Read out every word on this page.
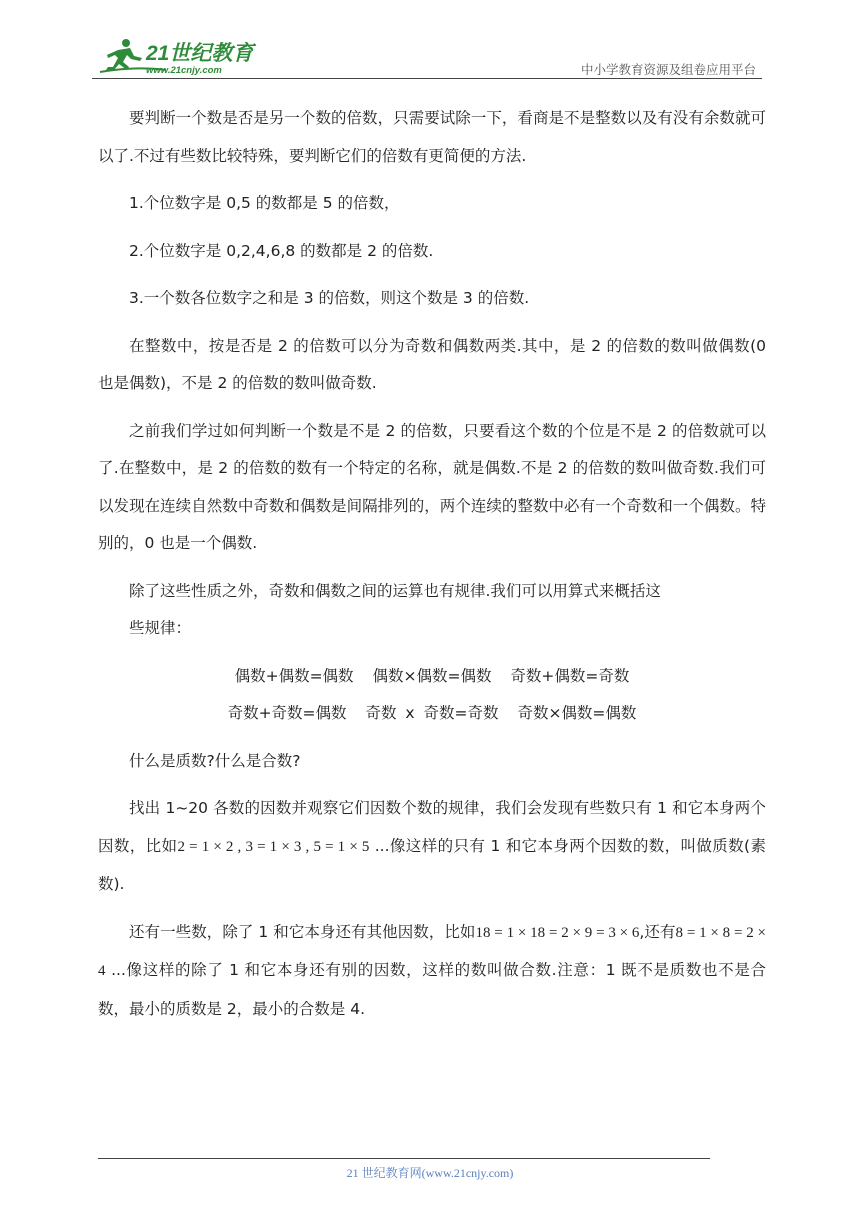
21世纪教育
www.21cnjy.com	中小学教育资源及组卷应用平台

要判断一个数是否是另一个数的倍数，只需要试除一下，看商是不是整数以及有没有余数就可以了.不过有些数比较特殊，要判断它们的倍数有更简便的方法.

1.个位数字是 0,5 的数都是 5 的倍数，

2.个位数字是 0,2,4,6,8 的数都是 2 的倍数.

3.一个数各位数字之和是 3 的倍数，则这个数是 3 的倍数.

在整数中，按是否是 2 的倍数可以分为奇数和偶数两类.其中，是 2 的倍数的数叫做偶数(0 也是偶数)，不是 2 的倍数的数叫做奇数.

之前我们学过如何判断一个数是不是 2 的倍数，只要看这个数的个位是不是 2 的倍数就可以了.在整数中，是 2 的倍数的数有一个特定的名称，就是偶数.不是 2 的倍数的数叫做奇数.我们可以发现在连续自然数中奇数和偶数是间隔排列的，两个连续的整数中必有一个奇数和一个偶数。特别的，0 也是一个偶数.

除了这些性质之外，奇数和偶数之间的运算也有规律.我们可以用算式来概括这

些规律：

偶数+偶数=偶数 偶数×偶数=偶数 奇数+偶数=奇数

奇数+奇数=偶数 奇数 x 奇数=奇数 奇数×偶数=偶数

什么是质数?什么是合数?

找出 1~20 各数的因数并观察它们因数个数的规律，我们会发现有些数只有 1 和它本身两个因数，比如2 = 1 × 2 , 3 = 1 × 3 , 5 = 1 × 5 ...像这样的只有 1 和它本身两个因数的数，叫做质数(素数).

还有一些数，除了 1 和它本身还有其他因数，比如18 = 1 × 18 = 2 × 9 = 3 × 6,还有8 = 1 × 8 = 2 × 4 ...像这样的除了 1 和它本身还有别的因数，这样的数叫做合数.注意：1 既不是质数也不是合数，最小的质数是 2，最小的合数是 4.

21 世纪教育网(www.21cnjy.com)
